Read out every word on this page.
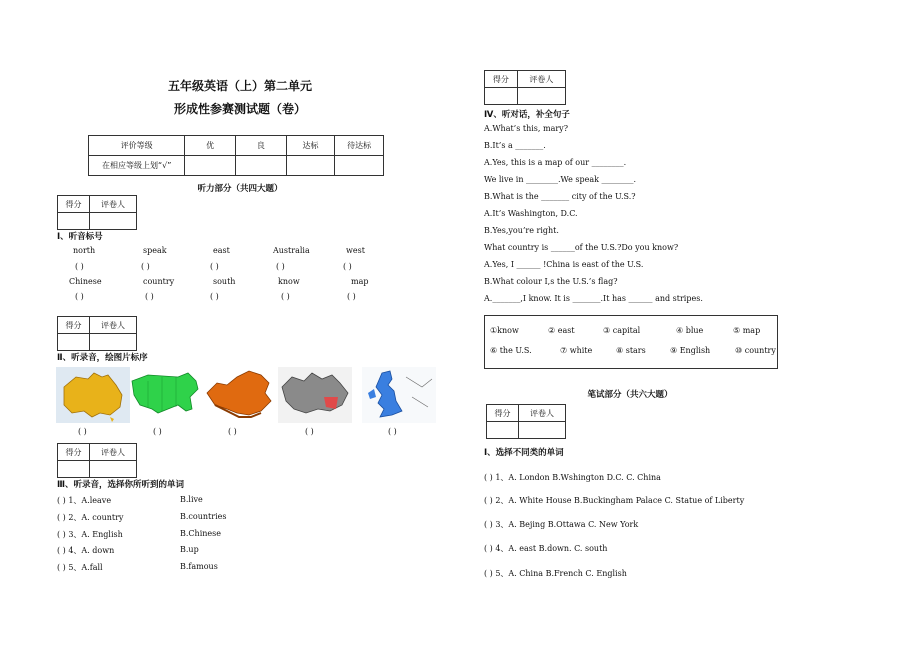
五年级英语（上）第二单元
形成性参赛测试题（卷）
评价等级	优	良	达标	待达标
在相应等级上划“√”				
听力部分（共四大题）
得分	评卷人

Ⅰ、听音标号
north	speak	east	Australia	west
( )	( )	( )	( )	( )
Chinese	country	south	know	map
( )	( )	( )	( )	( )
得分	评卷人

Ⅱ、听录音，绘图片标序
( )	( )	( )	( )	( )
得分	评卷人

Ⅲ、听录音，选择你所听到的单词
( ) 1、A.leave	B.live
( ) 2、A. country	B.countries
( ) 3、A. English	B.Chinese
( ) 4、A. down	B.up
( ) 5、A.fall	B.famous
得分	评卷人

Ⅳ、听对话，补全句子
A.What’s this, mary?
B.It’s a _______.
A.Yes, this is a map of our ________.
We live in ________.We speak ________.
B.What is the _______ city of the U.S.?
A.It’s Washington, D.C.
B.Yes,you’re right.
What country is ______of the U.S.?Do you know?
A.Yes, I ______ !China is east of the U.S.
B.What colour I,s the U.S.’s flag?
A._______,I know. It is _______.It has ______ and stripes.
①know	② east	③ capital	④ blue	⑤ map
⑥ the U.S.	⑦ white	⑧ stars	⑨ English	⑩ country
笔试部分（共六大题）
得分	评卷人

Ⅰ、选择不同类的单词
( ) 1、A. London B.Wshington D.C. C. China
( ) 2、A. White House B.Buckingham Palace C. Statue of Liberty
( ) 3、A. Bejing B.Ottawa C. New York
( ) 4、A. east B.down. C. south
( ) 5、A. China B.French C. English
